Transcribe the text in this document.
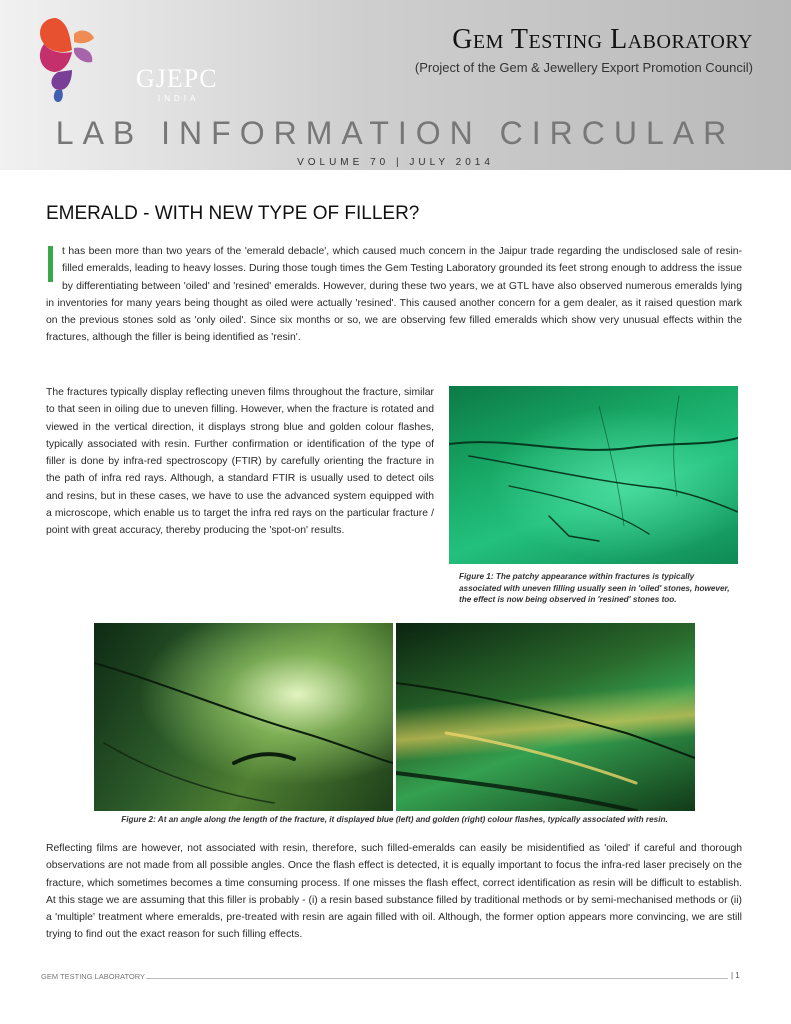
GJEPC
INDIA
Gem Testing Laboratory
(Project of the Gem & Jewellery Export Promotion Council)
LAB INFORMATION CIRCULAR
VOLUME 70 | JULY 2014
EMERALD - WITH NEW TYPE OF FILLER?

t has been more than two years of the 'emerald debacle', which caused much concern in the Jaipur trade regarding the undisclosed sale of resin-filled emeralds, leading to heavy losses. During those tough times the Gem Testing Laboratory grounded its feet strong enough to address the issue by differentiating between 'oiled' and 'resined' emeralds. However, during these two years, we at GTL have also observed numerous emeralds lying in inventories for many years being thought as oiled were actually 'resined'. This caused another concern for a gem dealer, as it raised question mark on the previous stones sold as 'only oiled'. Since six months or so, we are observing few filled emeralds which show very unusual effects within the fractures, although the filler is being identified as 'resin'.

The fractures typically display reflecting uneven films throughout the fracture, similar to that seen in oiling due to uneven filling. However, when the fracture is rotated and viewed in the vertical direction, it displays strong blue and golden colour flashes, typically associated with resin. Further confirmation or identification of the type of filler is done by infra-red spectroscopy (FTIR) by carefully orienting the fracture in the path of infra red rays. Although, a standard FTIR is usually used to detect oils and resins, but in these cases, we have to use the advanced system equipped with a microscope, which enable us to target the infra red rays on the particular fracture / point with great accuracy, thereby producing the 'spot-on' results.

Figure 1: The patchy appearance within fractures is typically associated with uneven filling usually seen in 'oiled' stones, however, the effect is now being observed in 'resined' stones too.

Figure 2: At an angle along the length of the fracture, it displayed blue (left) and golden (right) colour flashes, typically associated with resin.

Reflecting films are however, not associated with resin, therefore, such filled-emeralds can easily be misidentified as 'oiled' if careful and thorough observations are not made from all possible angles. Once the flash effect is detected, it is equally important to focus the infra-red laser precisely on the fracture, which sometimes becomes a time consuming process. If one misses the flash effect, correct identification as resin will be difficult to establish. At this stage we are assuming that this filler is probably - (i) a resin based substance filled by traditional methods or by semi-mechanised methods or (ii) a 'multiple' treatment where emeralds, pre-treated with resin are again filled with oil. Although, the former option appears more convincing, we are still trying to find out the exact reason for such filling effects.

GEM TESTING LABORATORY	| 1
